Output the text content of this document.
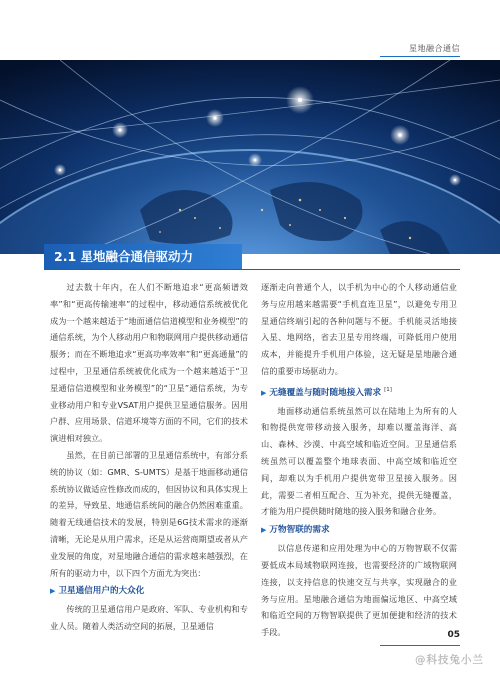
星地融合通信
2.1 星地融合通信驱动力

过去数十年内，在人们不断地追求“更高频谱效率”和“更高传输速率”的过程中，移动通信系统被优化成为一个越来越适于“地面通信信道模型和业务模型”的通信系统，为个人移动用户和物联网用户提供移动通信服务；而在不断地追求“更高功率效率”和“更高通量”的过程中，卫星通信系统被优化成为一个越来越适于“卫星通信信道模型和业务模型”的“卫星”通信系统，为专业移动用户和专业VSAT用户提供卫星通信服务。因用户群、应用场景、信道环境等方面的不同，它们的技术演进相对独立。

虽然，在目前已部署的卫星通信系统中，有部分系统的协议（如：GMR、S-UMTS）是基于地面移动通信系统协议做适应性修改而成的，但因协议和具体实现上的差异，导致星、地通信系统间的融合仍然困难重重。随着无线通信技术的发展，特别是6G技术需求的逐渐清晰，无论是从用户需求，还是从运营商期望或者从产业发展的角度，对星地融合通信的需求越来越强烈，在所有的驱动力中，以下四个方面尤为突出：

▶ 卫星通信用户的大众化

传统的卫星通信用户是政府、军队、专业机构和专业人员。随着人类活动空间的拓展，卫星通信

逐渐走向普通个人，以手机为中心的个人移动通信业务与应用越来越需要“手机直连卫星”，以避免专用卫星通信终端引起的各种问题与不便。手机能灵活地接入星、地网络，省去卫星专用终端，可降低用户使用成本，并能提升手机用户体验，这无疑是星地融合通信的重要市场驱动力。

▶ 无缝覆盖与随时随地接入需求 [1]

地面移动通信系统虽然可以在陆地上为所有的人和物提供宽带移动接入服务，却难以覆盖海洋、高山、森林、沙漠、中高空域和临近空间。卫星通信系统虽然可以覆盖整个地球表面、中高空域和临近空间，却难以为手机用户提供宽带卫星接入服务。因此，需要二者相互配合、互为补充，提供无缝覆盖，才能为用户提供随时随地的接入服务和融合业务。

▶ 万物智联的需求

以信息传递和应用处理为中心的万物智联不仅需要低成本局域物联网连接，也需要经济的广域物联网连接，以支持信息的快速交互与共享，实现融合的业务与应用。星地融合通信为地面偏远地区、中高空域和临近空间的万物智联提供了更加便捷和经济的技术手段。	05
@科技兔小兰
